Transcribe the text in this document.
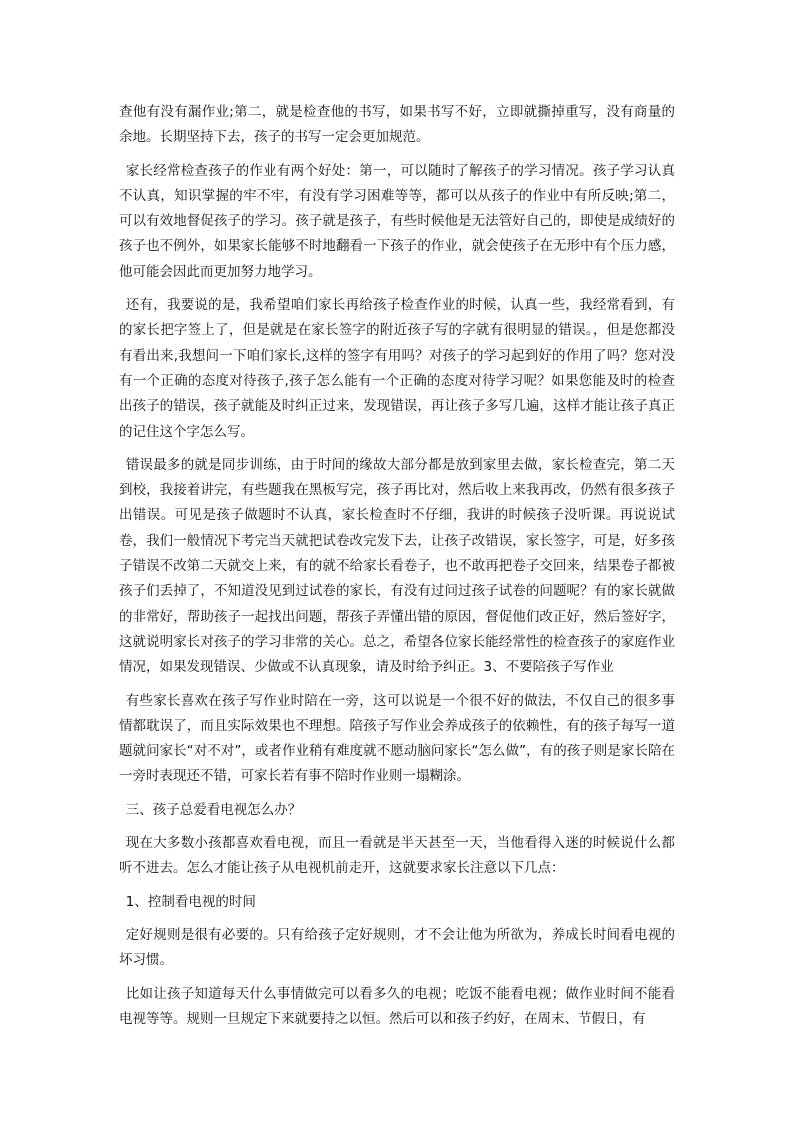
查他有没有漏作业;第二，就是检查他的书写，如果书写不好，立即就撕掉重写，没有商量的余地。长期坚持下去，孩子的书写一定会更加规范。

家长经常检查孩子的作业有两个好处：第一，可以随时了解孩子的学习情况。孩子学习认真不认真，知识掌握的牢不牢，有没有学习困难等等，都可以从孩子的作业中有所反映;第二，可以有效地督促孩子的学习。孩子就是孩子，有些时候他是无法管好自己的，即使是成绩好的孩子也不例外，如果家长能够不时地翻看一下孩子的作业，就会使孩子在无形中有个压力感，他可能会因此而更加努力地学习。

还有，我要说的是，我希望咱们家长再给孩子检查作业的时候，认真一些，我经常看到，有的家长把字签上了，但是就是在家长签字的附近孩子写的字就有很明显的错误。，但是您都没有看出来,我想问一下咱们家长,这样的签字有用吗？对孩子的学习起到好的作用了吗？您对没有一个正确的态度对待孩子,孩子怎么能有一个正确的态度对待学习呢？如果您能及时的检查出孩子的错误，孩子就能及时纠正过来，发现错误，再让孩子多写几遍，这样才能让孩子真正的记住这个字怎么写。

错误最多的就是同步训练，由于时间的缘故大部分都是放到家里去做，家长检查完，第二天到校，我接着讲完，有些题我在黑板写完，孩子再比对，然后收上来我再改，仍然有很多孩子出错误。可见是孩子做题时不认真，家长检查时不仔细，我讲的时候孩子没听课。再说说试卷，我们一般情况下考完当天就把试卷改完发下去，让孩子改错误，家长签字，可是，好多孩子错误不改第二天就交上来，有的就不给家长看卷子，也不敢再把卷子交回来，结果卷子都被孩子们丢掉了，不知道没见到过试卷的家长，有没有过问过孩子试卷的问题呢？有的家长就做的非常好，帮助孩子一起找出问题，帮孩子弄懂出错的原因，督促他们改正好，然后签好字，这就说明家长对孩子的学习非常的关心。总之，希望各位家长能经常性的检查孩子的家庭作业情况，如果发现错误、少做或不认真现象，请及时给予纠正。3、不要陪孩子写作业

有些家长喜欢在孩子写作业时陪在一旁，这可以说是一个很不好的做法，不仅自己的很多事情都耽误了，而且实际效果也不理想。陪孩子写作业会养成孩子的依赖性，有的孩子每写一道题就问家长“对不对”，或者作业稍有难度就不愿动脑问家长“怎么做”，有的孩子则是家长陪在一旁时表现还不错，可家长若有事不陪时作业则一塌糊涂。

三、孩子总爱看电视怎么办？

现在大多数小孩都喜欢看电视，而且一看就是半天甚至一天，当他看得入迷的时候说什么都听不进去。怎么才能让孩子从电视机前走开，这就要求家长注意以下几点：

1、控制看电视的时间

定好规则是很有必要的。只有给孩子定好规则，才不会让他为所欲为，养成长时间看电视的坏习惯。

比如让孩子知道每天什么事情做完可以看多久的电视；吃饭不能看电视；做作业时间不能看电视等等。规则一旦规定下来就要持之以恒。然后可以和孩子约好，在周末、节假日，有
